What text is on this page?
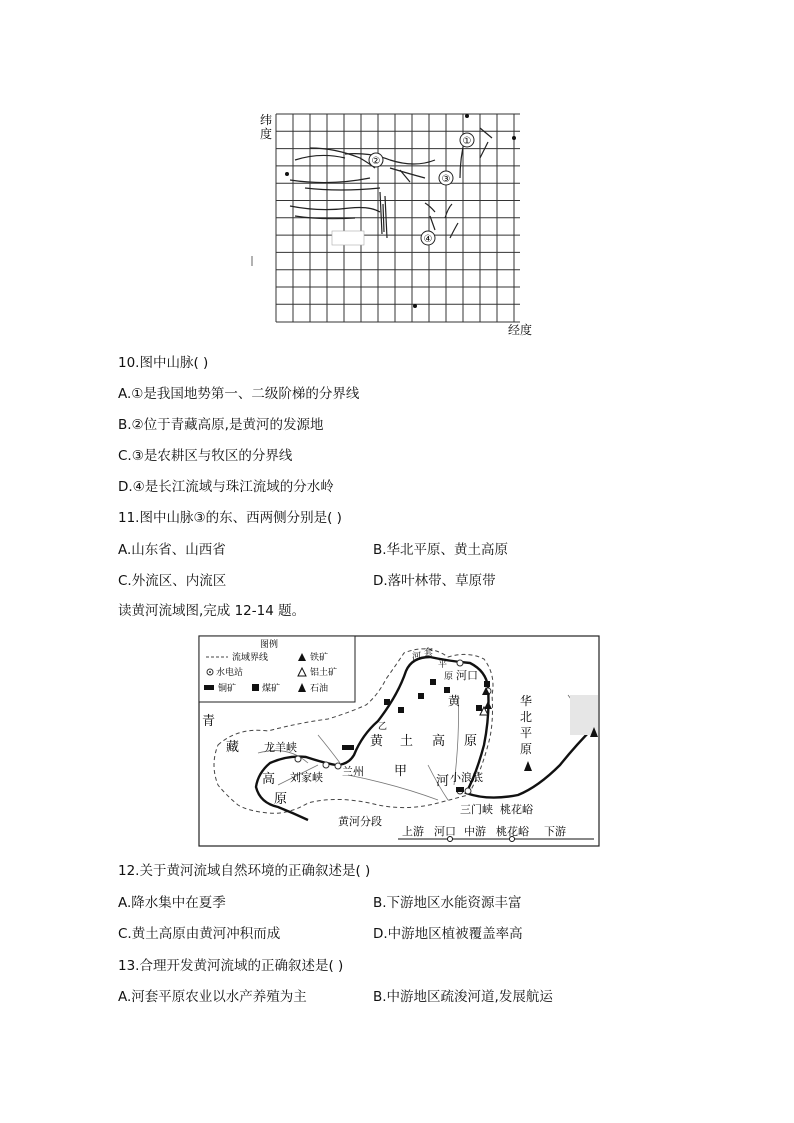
①
②
③
④
纬
度
经度
10.图中山脉( )
A.①是我国地势第一、二级阶梯的分界线
B.②位于青藏高原,是黄河的发源地
C.③是农耕区与牧区的分界线
D.④是长江流域与珠江流域的分水岭
11.图中山脉③的东、西两侧分别是( )
A.山东省、山西省	B.华北平原、黄土高原
C.外流区、内流区	D.落叶林带、草原带
读黄河流域图,完成 12-14 题。
图例
流域界线	铁矿
水电站	铝土矿
铜矿	煤矿	石油
青
藏
高
原
龙羊峡
刘家峡 兰州
黄 土 高 原
甲
河
黄
乙
河 套
平
原 河口
小浪底
三门峡 桃花峪
华
北
平
原
黄河分段
上游 河口 中游 桃花峪 下游
12.关于黄河流域自然环境的正确叙述是( )
A.降水集中在夏季	B.下游地区水能资源丰富
C.黄土高原由黄河冲积而成	D.中游地区植被覆盖率高
13.合理开发黄河流域的正确叙述是( )
A.河套平原农业以水产养殖为主	B.中游地区疏浚河道,发展航运
